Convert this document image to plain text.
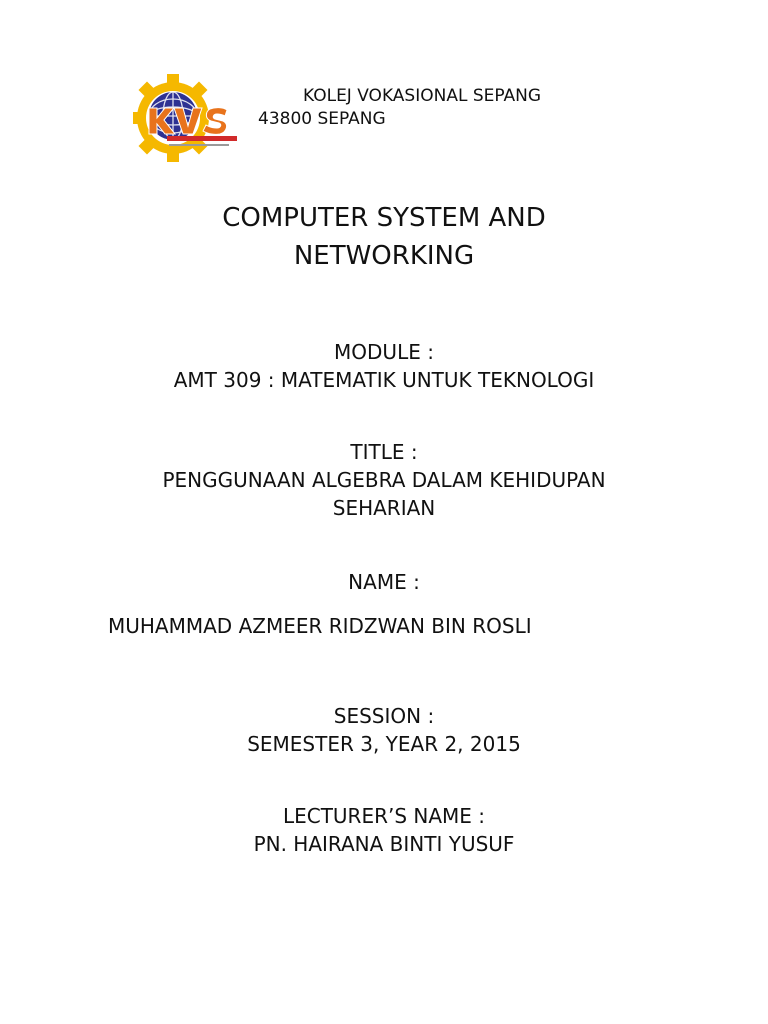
KOLEJ VOKASIONAL SEPANG
43800 SEPANG
COMPUTER SYSTEM AND
NETWORKING
MODULE :
AMT 309 : MATEMATIK UNTUK TEKNOLOGI
TITLE :
PENGGUNAAN ALGEBRA DALAM KEHIDUPAN
SEHARIAN
NAME :
MUHAMMAD AZMEER RIDZWAN BIN ROSLI
SESSION :
SEMESTER 3, YEAR 2, 2015
LECTURER’S NAME :
PN. HAIRANA BINTI YUSUF
